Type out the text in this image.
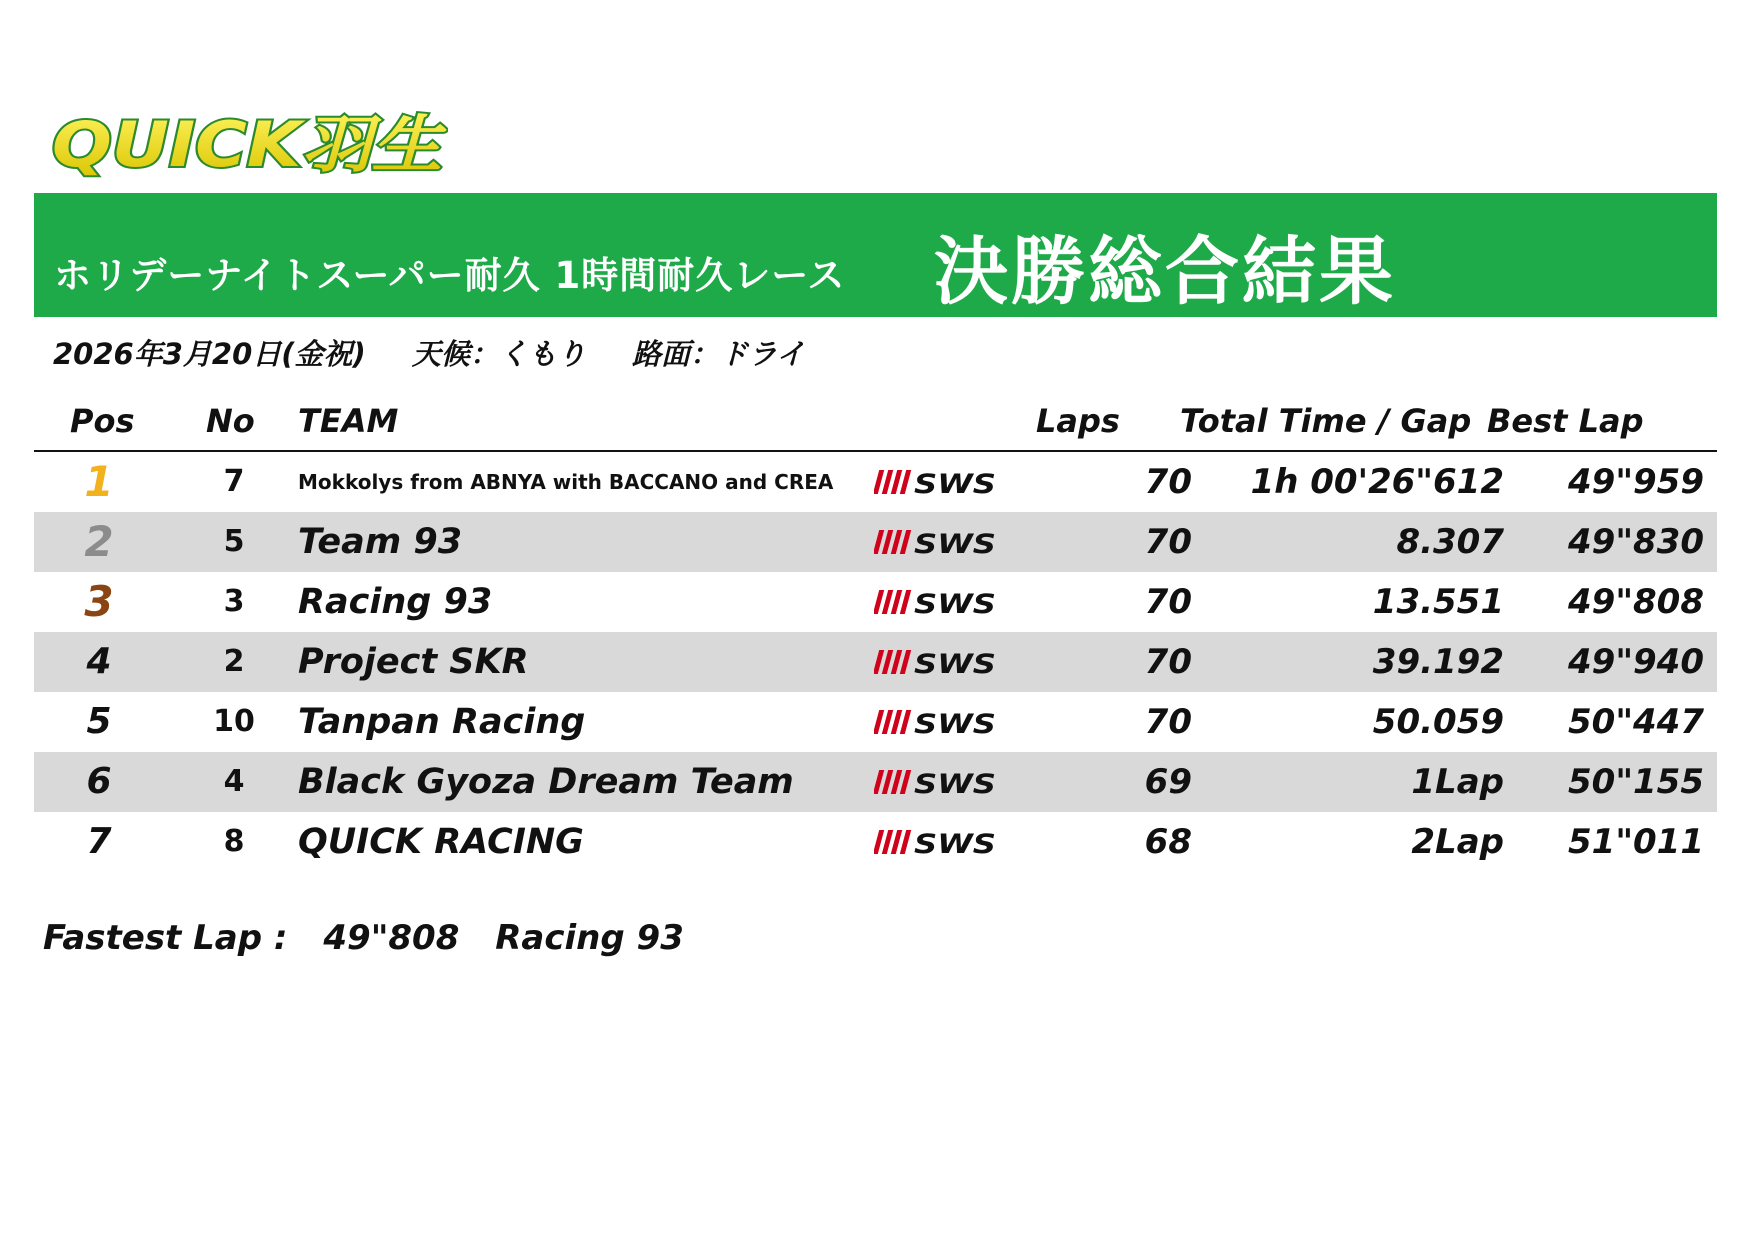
QUICK羽生
ホリデーナイトスーパー耐久 1時間耐久レース 決勝総合結果
2026年3月20日(金祝) 天候：くもり 路面：ドライ
Pos No TEAM	Laps Total Time / Gap Best Lap
1	7	Mokkolys from ABNYA with BACCANO and CREA	SWS	70	1h 00'26"612	49"959
2	5	Team 93	SWS	70	8.307	49"830
3	3	Racing 93	SWS	70	13.551	49"808
4	2	Project SKR	SWS	70	39.192	49"940
5	10	Tanpan Racing	SWS	70	50.059	50"447
6	4	Black Gyoza Dream Team	SWS	69	1Lap	50"155
7	8	QUICK RACING	SWS	68	2Lap	51"011
Fastest Lap : 49"808 Racing 93
